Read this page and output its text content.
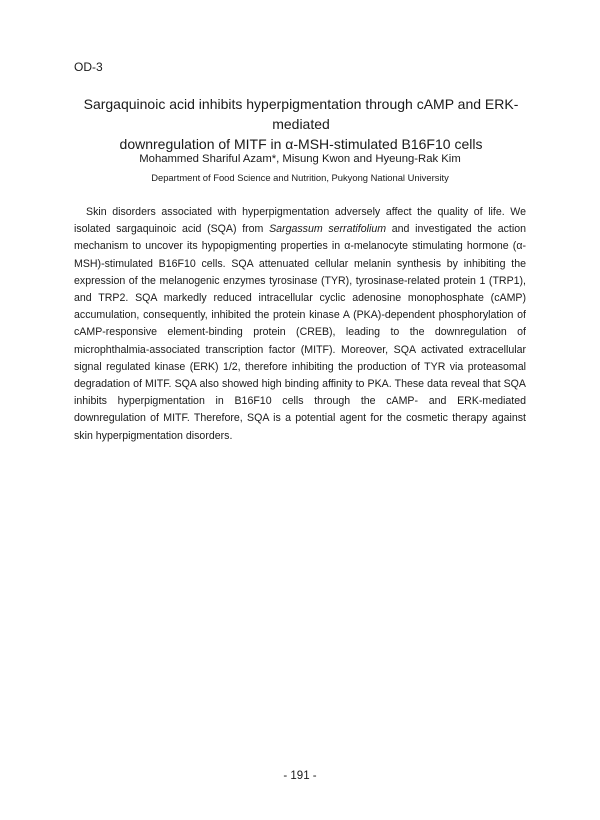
OD-3
Sargaquinoic acid inhibits hyperpigmentation through cAMP and ERK-mediated
downregulation of MITF in α-MSH-stimulated B16F10 cells
Mohammed Shariful Azam*, Misung Kwon and Hyeung-Rak Kim
Department of Food Science and Nutrition, Pukyong National University

Skin disorders associated with hyperpigmentation adversely affect the quality of life. We isolated sargaquinoic acid (SQA) from Sargassum serratifolium and investigated the action mechanism to uncover its hypopigmenting properties in α-melanocyte stimulating hormone (α-MSH)-stimulated B16F10 cells. SQA attenuated cellular melanin synthesis by inhibiting the expression of the melanogenic enzymes tyrosinase (TYR), tyrosinase-related protein 1 (TRP1), and TRP2. SQA markedly reduced intracellular cyclic adenosine monophosphate (cAMP) accumulation, consequently, inhibited the protein kinase A (PKA)-dependent phosphorylation of cAMP-responsive element-binding protein (CREB), leading to the downregulation of microphthalmia-associated transcription factor (MITF). Moreover, SQA activated extracellular signal regulated kinase (ERK) 1/2, therefore inhibiting the production of TYR via proteasomal degradation of MITF. SQA also showed high binding affinity to PKA. These data reveal that SQA inhibits hyperpigmentation in B16F10 cells through the cAMP- and ERK-mediated downregulation of MITF. Therefore, SQA is a potential agent for the cosmetic therapy against skin hyperpigmentation disorders.

- 191 -
